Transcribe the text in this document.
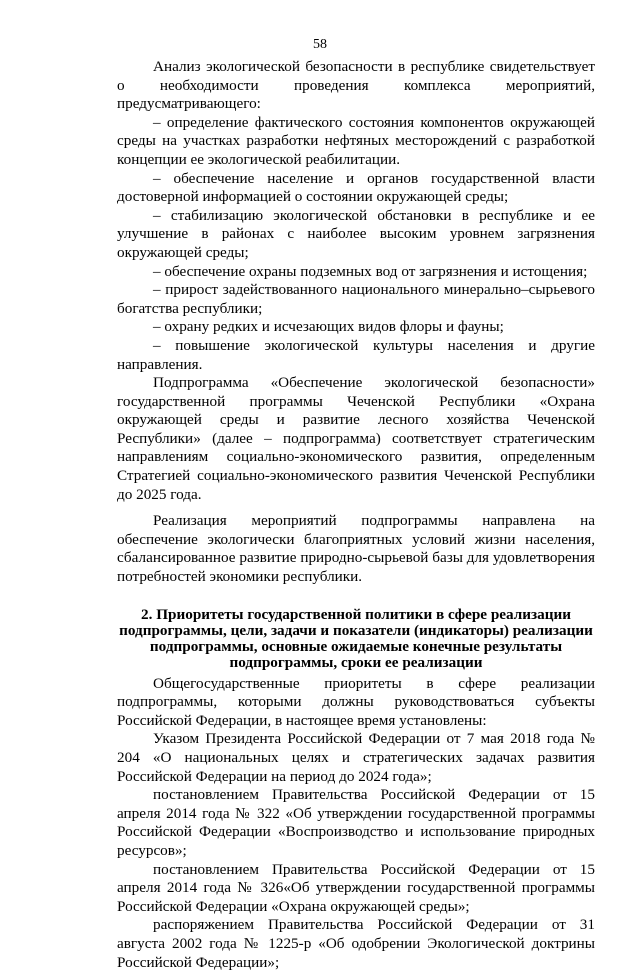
58

Анализ экологической безопасности в республике свидетельствует о необходимости проведения комплекса мероприятий, предусматривающего:

– определение фактического состояния компонентов окружающей среды на участках разработки нефтяных месторождений с разработкой концепции ее экологической реабилитации.

– обеспечение население и органов государственной власти достоверной информацией о состоянии окружающей среды;

– стабилизацию экологической обстановки в республике и ее улучшение в районах с наиболее высоким уровнем загрязнения окружающей среды;

– обеспечение охраны подземных вод от загрязнения и истощения;

– прирост задействованного национального минерально–сырьевого богатства республики;

– охрану редких и исчезающих видов флоры и фауны;

– повышение экологической культуры населения и другие направления.

Подпрограмма «Обеспечение экологической безопасности» государственной программы Чеченской Республики «Охрана окружающей среды и развитие лесного хозяйства Чеченской Республики» (далее – подпрограмма) соответствует стратегическим направлениям социально-экономического развития, определенным Стратегией социально-экономического развития Чеченской Республики до 2025 года.

Реализация мероприятий подпрограммы направлена на обеспечение экологически благоприятных условий жизни населения, сбалансированное развитие природно-сырьевой базы для удовлетворения потребностей экономики республики.

2. Приоритеты государственной политики в сфере реализации подпрограммы, цели, задачи и показатели (индикаторы) реализации подпрограммы, основные ожидаемые конечные результаты подпрограммы, сроки ее реализации

Общегосударственные приоритеты в сфере реализации подпрограммы, которыми должны руководствоваться субъекты Российской Федерации, в настоящее время установлены:

Указом Президента Российской Федерации от 7 мая 2018 года № 204 «О национальных целях и стратегических задачах развития Российской Федерации на период до 2024 года»;

постановлением Правительства Российской Федерации от 15 апреля 2014 года № 322 «Об утверждении государственной программы Российской Федерации «Воспроизводство и использование природных ресурсов»;

постановлением Правительства Российской Федерации от 15 апреля 2014 года № 326«Об утверждении государственной программы Российской Федерации «Охрана окружающей среды»;

распоряжением Правительства Российской Федерации от 31 августа 2002 года № 1225-р «Об одобрении Экологической доктрины Российской Федерации»;
